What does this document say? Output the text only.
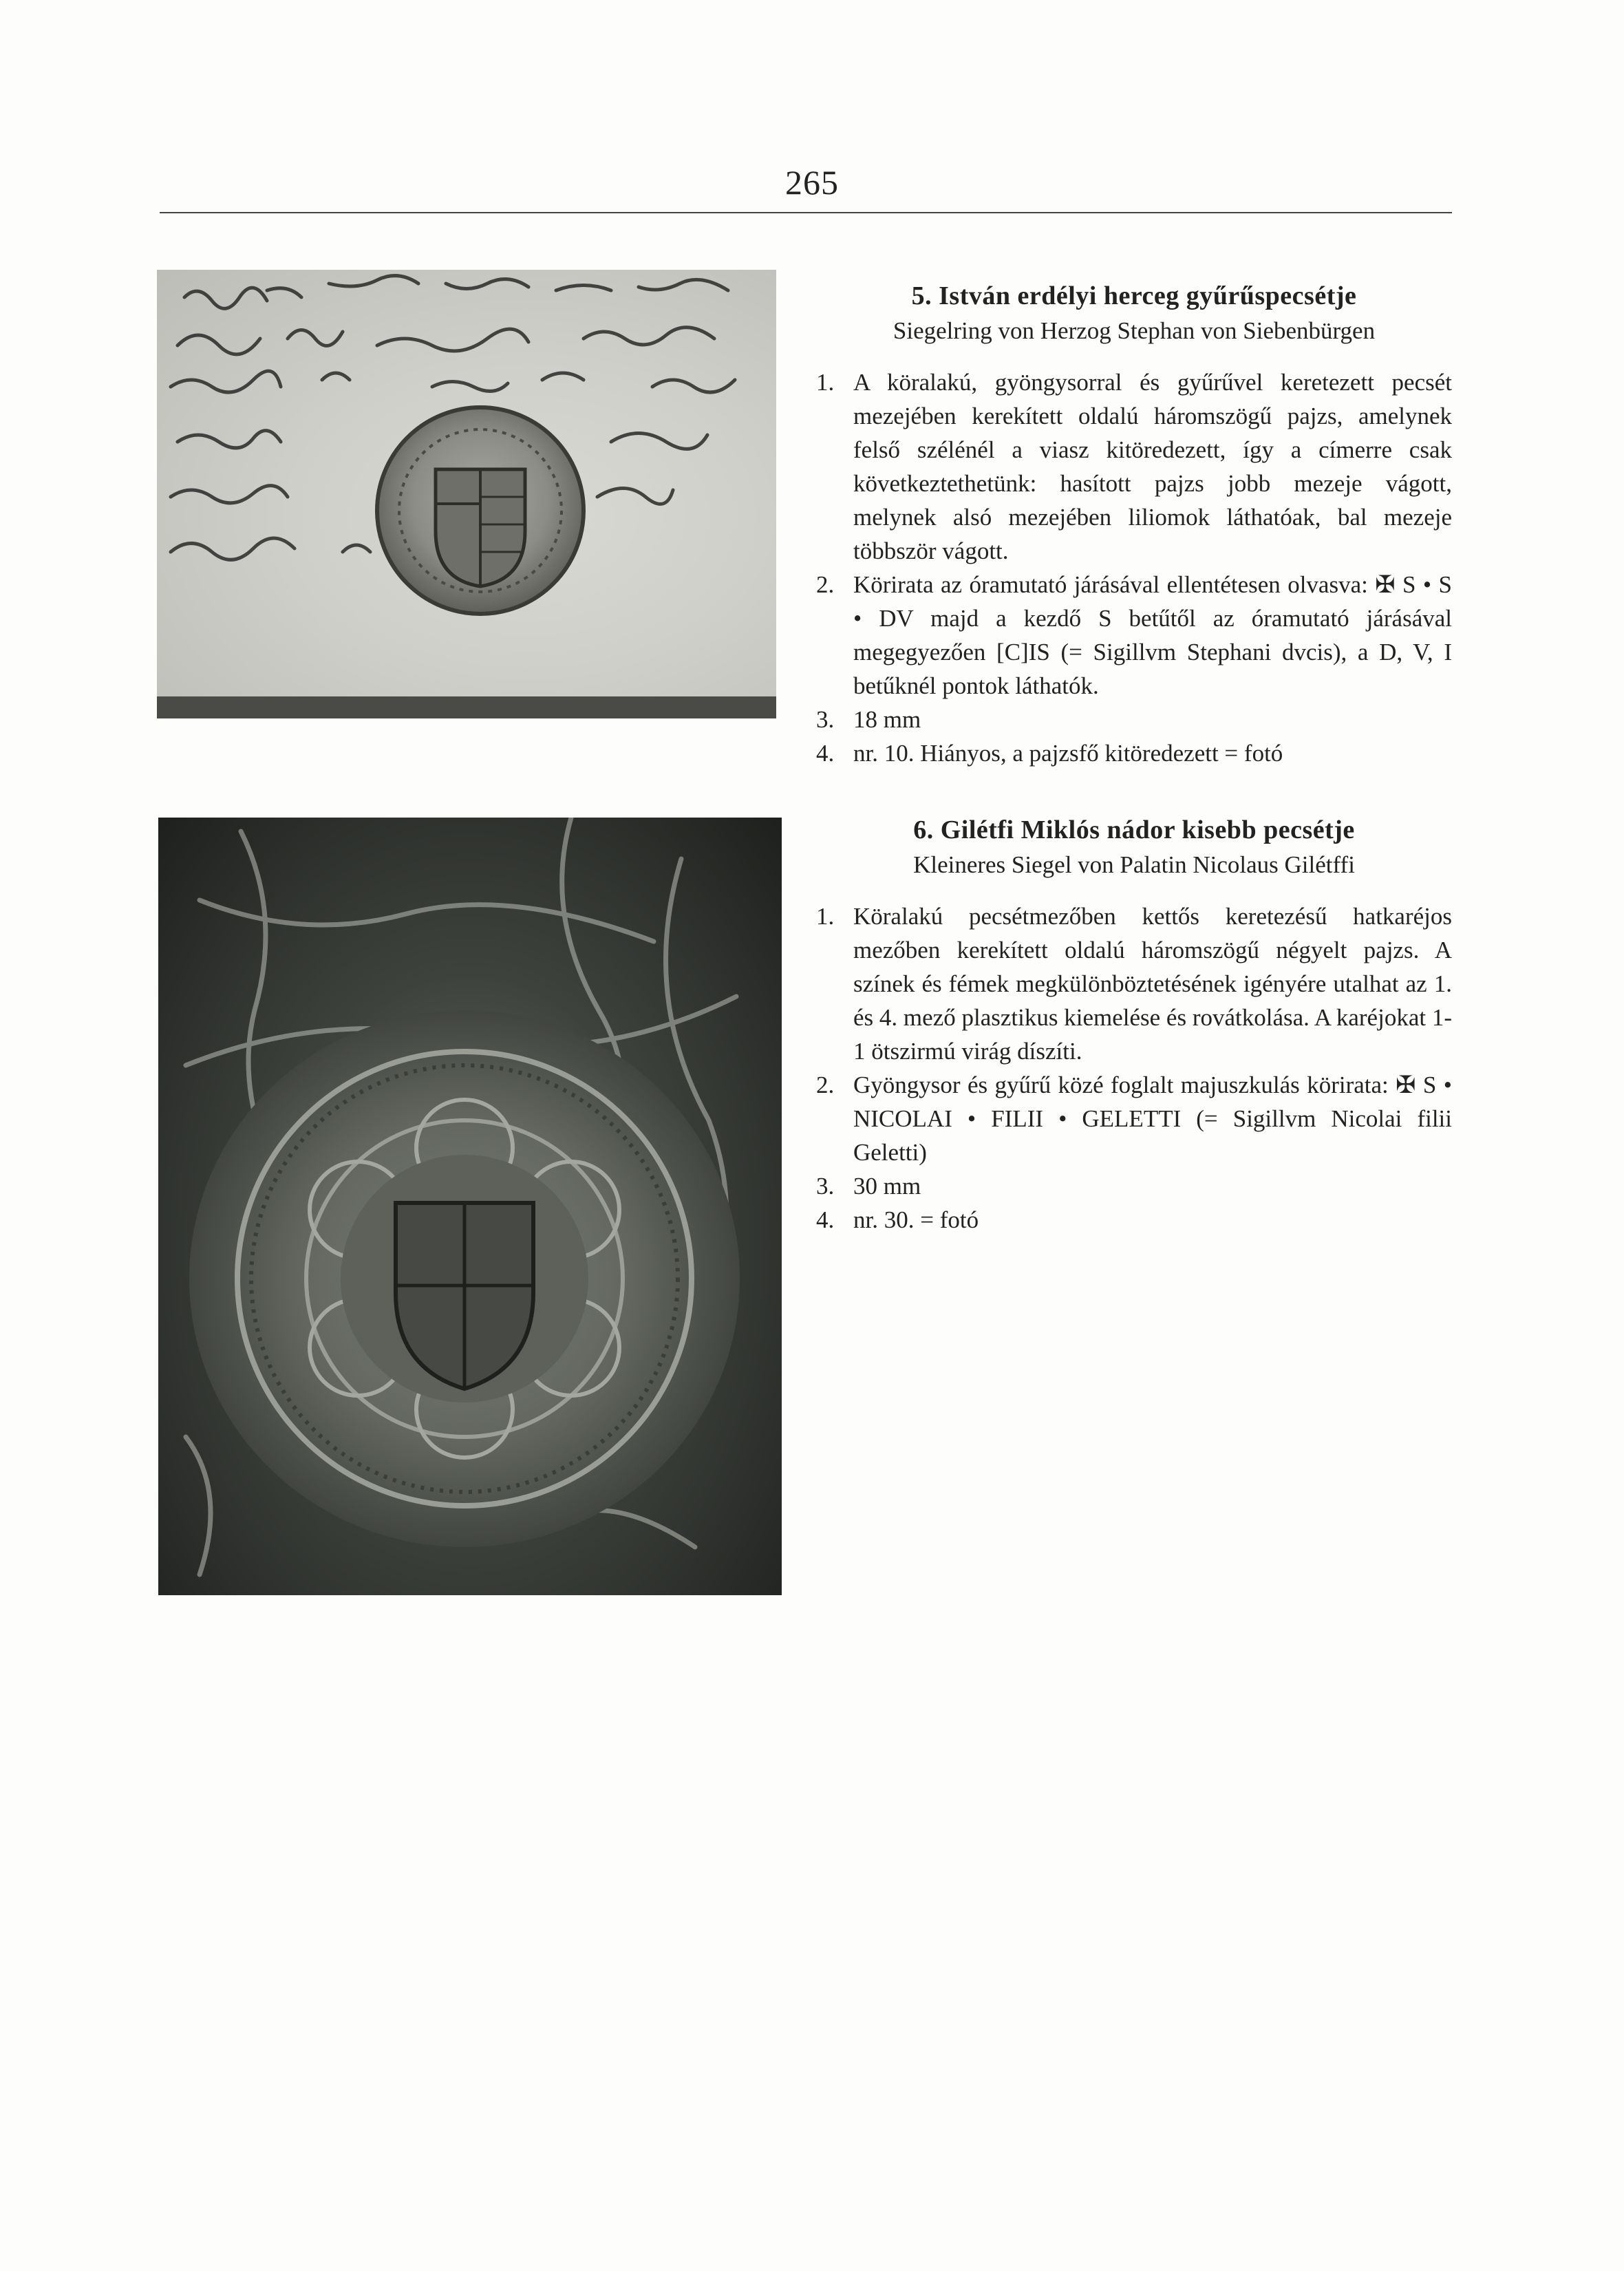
265
5. István erdélyi herceg gyűrűspecsétje
Siegelring von Herzog Stephan von Siebenbürgen
1. A köralakú, gyöngysorral és gyűrűvel keretezett pecsét mezejében kerekített oldalú háromszögű pajzs, amelynek felső szélénél a viasz kitöredezett, így a címerre csak következtethetünk: hasított pajzs jobb mezeje vágott, melynek alsó mezejében liliomok láthatóak, bal mezeje többször vágott.
2. Körirata az óramutató járásával ellentétesen olvasva: ✠ S • S • DV majd a kezdő S betűtől az óramutató járásával megegyezően [C]IS (= Sigillvm Stephani dvcis), a D, V, I betűknél pontok láthatók.
3. 18 mm
4. nr. 10. Hiányos, a pajzsfő kitöredezett = fotó
6. Gilétfi Miklós nádor kisebb pecsétje
Kleineres Siegel von Palatin Nicolaus Gilétffi
1. Köralakú pecsétmezőben kettős keretezésű hatkaréjos mezőben kerekített oldalú háromszögű négyelt pajzs. A színek és fémek megkülönböztetésének igényére utalhat az 1. és 4. mező plasztikus kiemelése és rovátkolása. A karéjokat 1-1 ötszirmú virág díszíti.
2. Gyöngysor és gyűrű közé foglalt majuszkulás körirata: ✠ S • NICOLAI • FILII • GELETTI (= Sigillvm Nicolai filii Geletti)
3. 30 mm
4. nr. 30. = fotó
